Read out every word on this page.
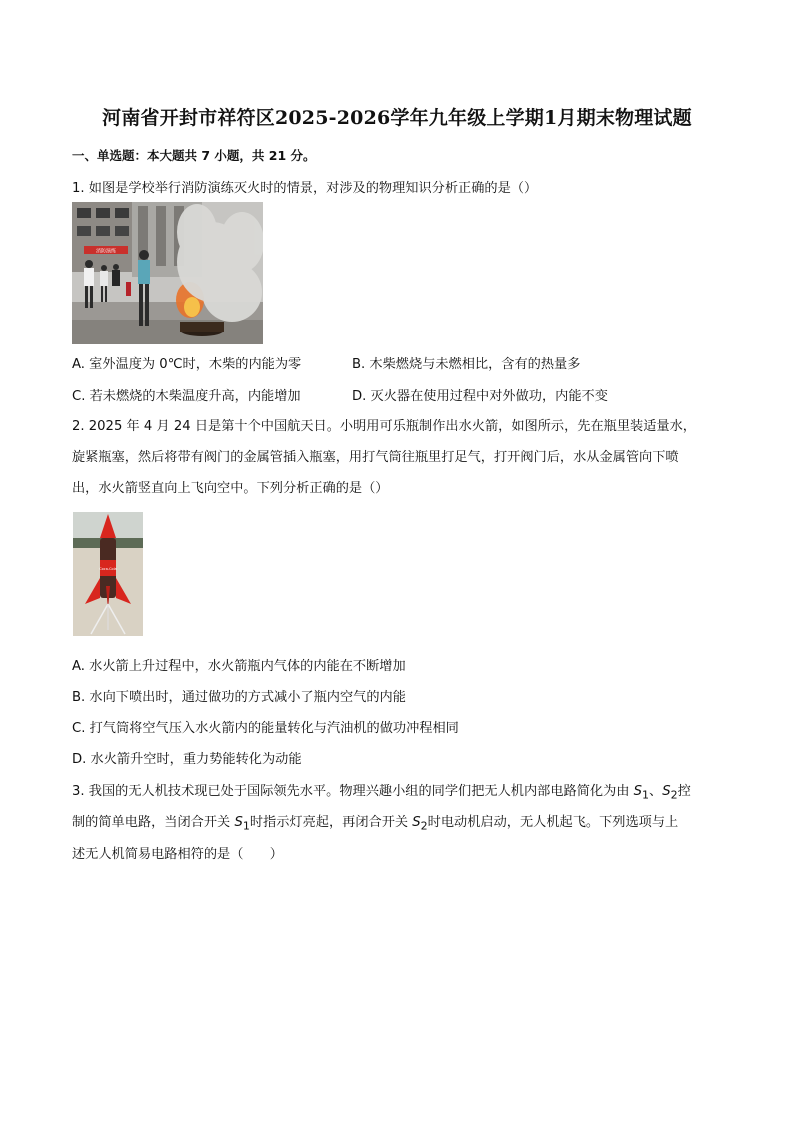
河南省开封市祥符区2025-2026学年九年级上学期1月期末物理试题
一、单选题：本大题共 7 小题，共 21 分。
1. 如图是学校举行消防演练灭火时的情景，对涉及的物理知识分析正确的是（）
消防演练
A. 室外温度为 0℃时，木柴的内能为零	B. 木柴燃烧与未燃相比，含有的热量多
C. 若未燃烧的木柴温度升高，内能增加	D. 灭火器在使用过程中对外做功，内能不变
2. 2025 年 4 月 24 日是第十个中国航天日。小明用可乐瓶制作出水火箭，如图所示，先在瓶里装适量水，
旋紧瓶塞，然后将带有阀门的金属管插入瓶塞，用打气筒往瓶里打足气，打开阀门后，水从金属管向下喷
出，水火箭竖直向上飞向空中。下列分析正确的是（）
Coca-Cola
A. 水火箭上升过程中，水火箭瓶内气体的内能在不断增加
B. 水向下喷出时，通过做功的方式减小了瓶内空气的内能
C. 打气筒将空气压入水火箭内的能量转化与汽油机的做功冲程相同
D. 水火箭升空时，重力势能转化为动能
3. 我国的无人机技术现已处于国际领先水平。物理兴趣小组的同学们把无人机内部电路简化为由 $S_1$、$S_2$控
制的简单电路，当闭合开关 $S_1$时指示灯亮起，再闭合开关 $S_2$时电动机启动，无人机起飞。下列选项与上
述无人机简易电路相符的是（　　）
